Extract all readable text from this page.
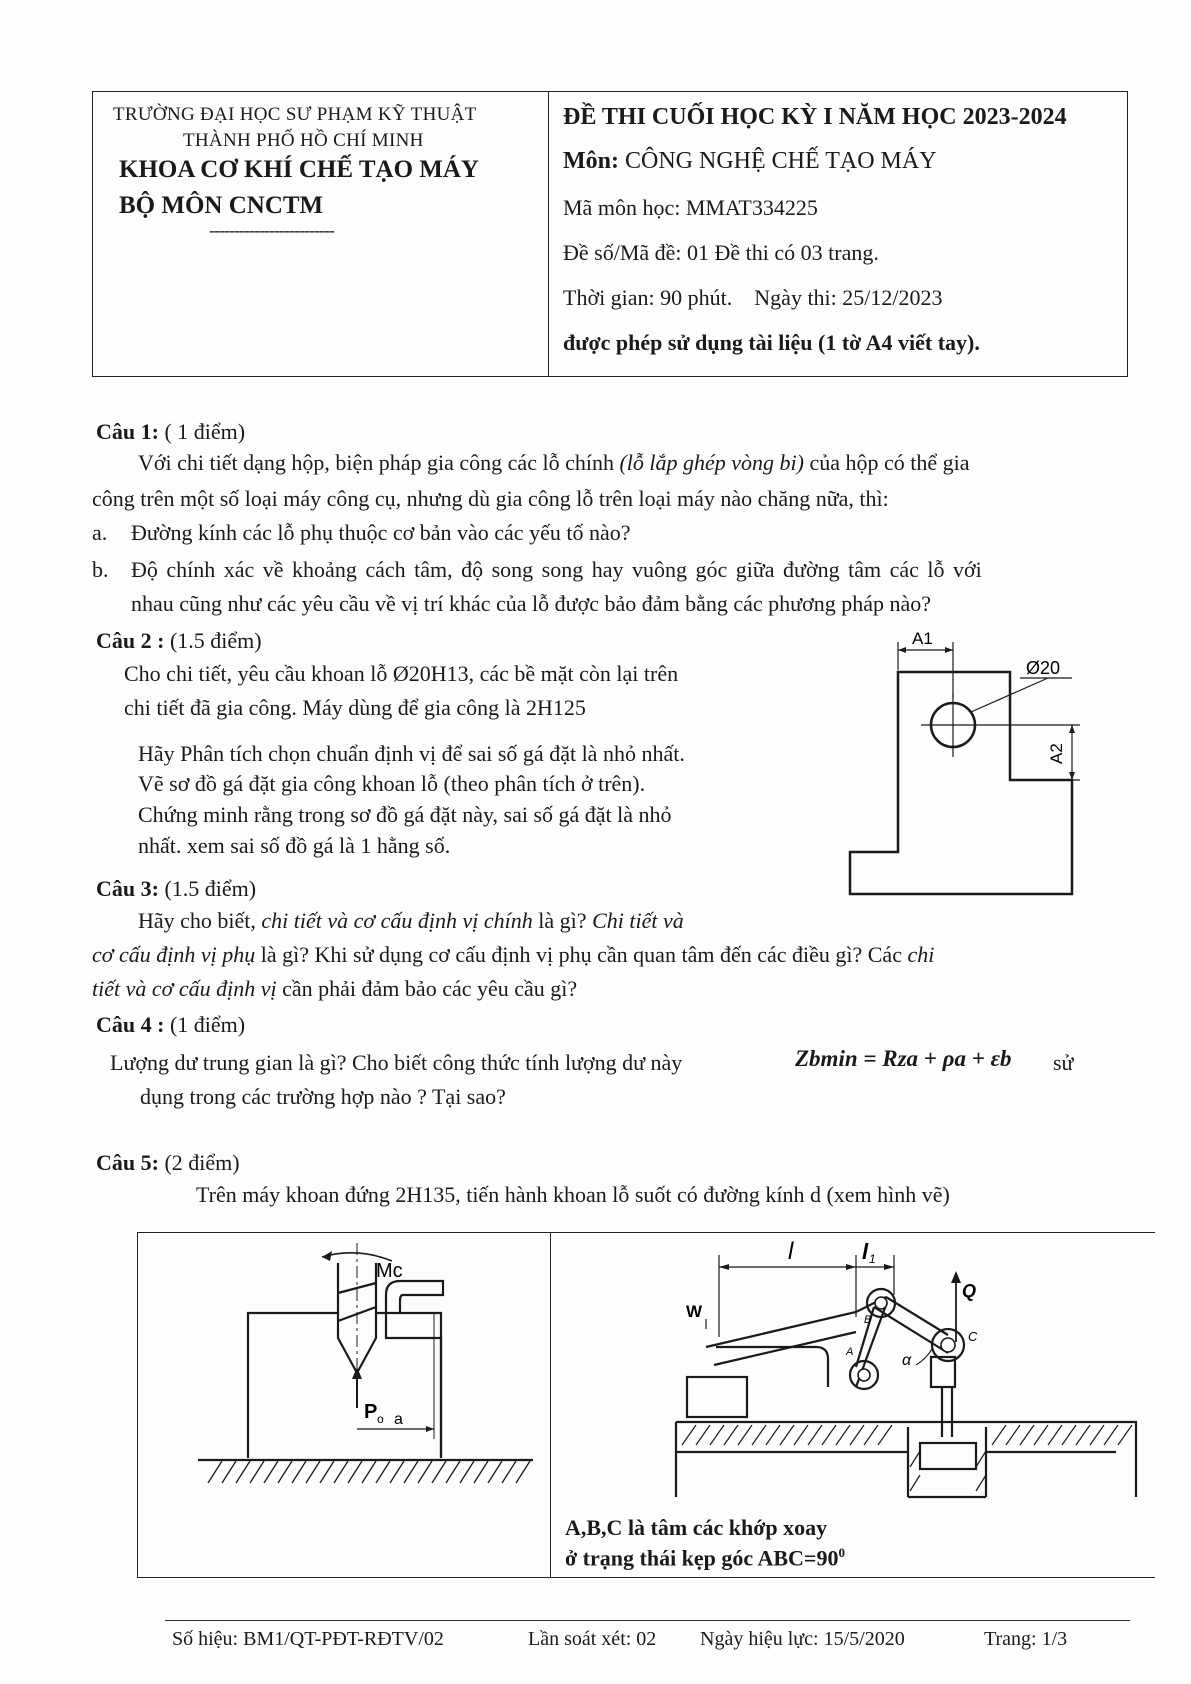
TRƯỜNG ĐẠI HỌC SƯ PHẠM KỸ THUẬT
THÀNH PHỐ HỒ CHÍ MINH
KHOA CƠ KHÍ CHẾ TẠO MÁY
BỘ MÔN CNCTM
-------------------------
ĐỀ THI CUỐI HỌC KỲ I NĂM HỌC 2023-2024
Môn: CÔNG NGHỆ CHẾ TẠO MÁY
Mã môn học: MMAT334225
Đề số/Mã đề: 01 Đề thi có 03 trang.
Thời gian: 90 phút.    Ngày thi: 25/12/2023
được phép sử dụng tài liệu (1 tờ A4 viết tay).
Câu 1: ( 1 điểm)
Với chi tiết dạng hộp, biện pháp gia công các lỗ chính (lỗ lắp ghép vòng bi) của hộp có thể gia
công trên một số loại máy công cụ, nhưng dù gia công lỗ trên loại máy nào chăng nữa, thì:
a. Đường kính các lỗ phụ thuộc cơ bản vào các yếu tố nào?
b. Độ chính xác về khoảng cách tâm, độ song song hay vuông góc giữa đường tâm các lỗ với
nhau cũng như các yêu cầu về vị trí khác của lỗ được bảo đảm bằng các phương pháp nào?
Câu 2 : (1.5 điểm)
Cho chi tiết, yêu cầu khoan lỗ Ø20H13, các bề mặt còn lại trên
chi tiết đã gia công. Máy dùng để gia công là 2H125
Hãy Phân tích chọn chuẩn định vị để sai số gá đặt là nhỏ nhất.
Vẽ sơ đồ gá đặt gia công khoan lỗ (theo phân tích ở trên).
Chứng minh rằng trong sơ đồ gá đặt này, sai số gá đặt là nhỏ
nhất. xem sai số đồ gá là 1 hằng số.
A1
Ø20
A2
Câu 3: (1.5 điểm)
Hãy cho biết, chi tiết và cơ cấu định vị chính là gì? Chi tiết và
cơ cấu định vị phụ là gì? Khi sử dụng cơ cấu định vị phụ cần quan tâm đến các điều gì? Các chi
tiết và cơ cấu định vị cần phải đảm bảo các yêu cầu gì?
Câu 4 : (1 điểm)
Lượng dư trung gian là gì? Cho biết công thức tính lượng dư này	Zbmin = Rza + ρa + εb sử
dụng trong các trường hợp nào ? Tại sao?
Câu 5: (2 điểm)
Trên máy khoan đứng 2H135, tiến hành khoan lỗ suốt có đường kính d (xem hình vẽ)
Mc
P o a
l	l 1
W
Q
A
B
C
α
A,B,C là tâm các khớp xoay
ở trạng thái kẹp góc $ABC=90^0$
Số hiệu: BM1/QT-PĐT-RĐTV/02	Lần soát xét: 02 Ngày hiệu lực: 15/5/2020	Trang: 1/3
